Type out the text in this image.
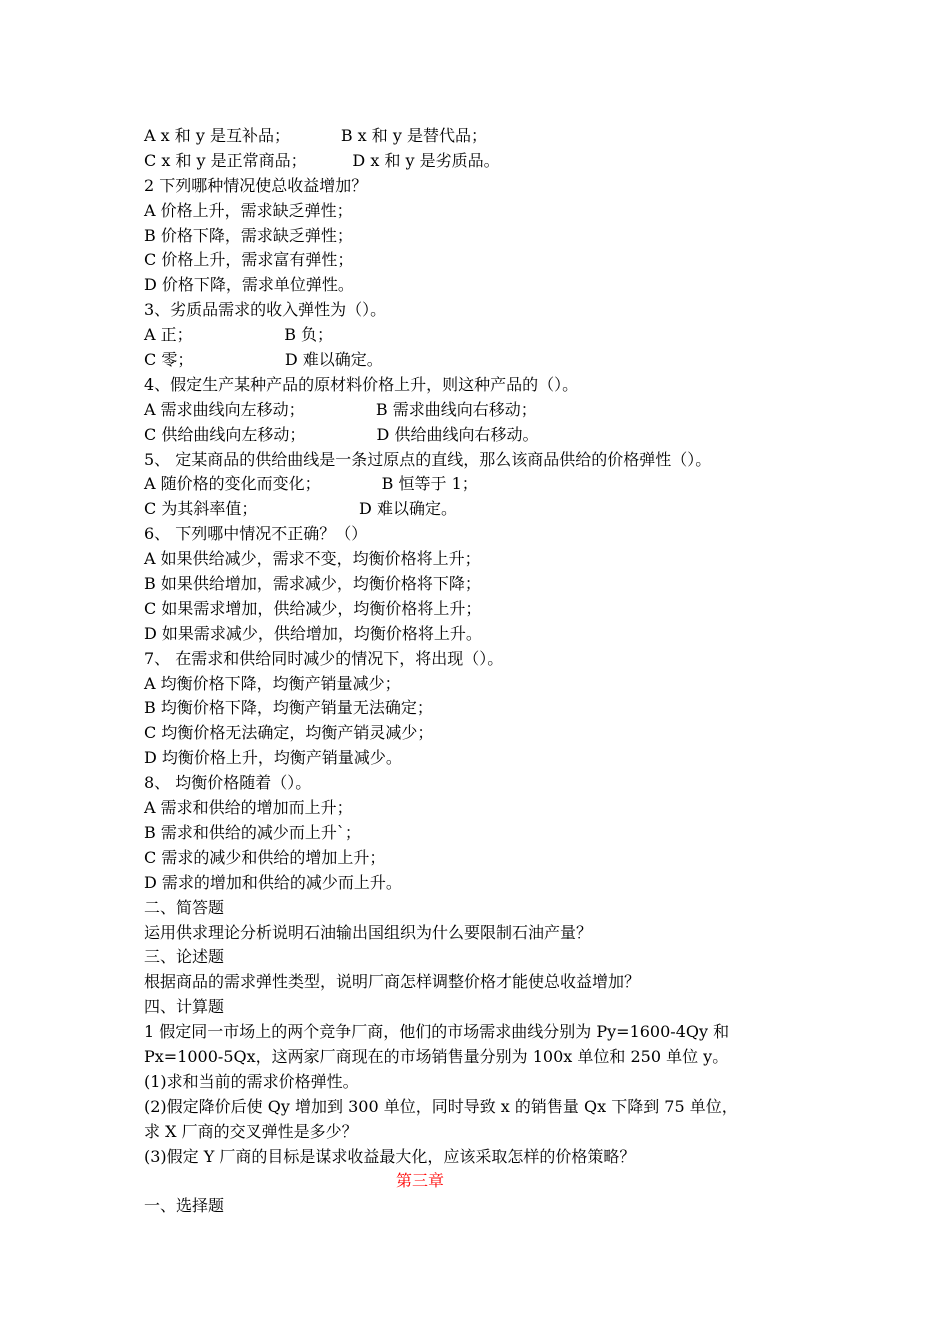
A x 和 y 是互补品；          B x 和 y 是替代品；
C x 和 y 是正常商品；         D x 和 y 是劣质品。
2 下列哪种情况使总收益增加？
A 价格上升，需求缺乏弹性；
B 价格下降，需求缺乏弹性；
C 价格上升，需求富有弹性；
D 价格下降，需求单位弹性。
3、劣质品需求的收入弹性为（）。
A 正；                  B 负；
C 零；                  D 难以确定。
4、假定生产某种产品的原材料价格上升，则这种产品的（）。
A 需求曲线向左移动；              B 需求曲线向右移动；
C 供给曲线向左移动；              D 供给曲线向右移动。
5、 定某商品的供给曲线是一条过原点的直线，那么该商品供给的价格弹性（）。
A 随价格的变化而变化；            B 恒等于 1；
C 为其斜率值；                    D 难以确定。
6、 下列哪中情况不正确？（）
A 如果供给减少，需求不变，均衡价格将上升；
B 如果供给增加，需求减少，均衡价格将下降；
C 如果需求增加，供给减少，均衡价格将上升；
D 如果需求减少，供给增加，均衡价格将上升。
7、 在需求和供给同时减少的情况下，将出现（）。
A 均衡价格下降，均衡产销量减少；
B 均衡价格下降，均衡产销量无法确定；
C 均衡价格无法确定，均衡产销灵减少；
D 均衡价格上升，均衡产销量减少。
8、 均衡价格随着（）。
A 需求和供给的增加而上升；
B 需求和供给的减少而上升`；
C 需求的减少和供给的增加上升；
D 需求的增加和供给的减少而上升。
二、简答题
运用供求理论分析说明石油输出国组织为什么要限制石油产量？
三、论述题
根据商品的需求弹性类型，说明厂商怎样调整价格才能使总收益增加？
四、计算题
1 假定同一市场上的两个竞争厂商，他们的市场需求曲线分别为 Py=1600-4Qy 和
Px=1000-5Qx，这两家厂商现在的市场销售量分别为 100x 单位和 250 单位 y。
(1)求和当前的需求价格弹性。
(2)假定降价后使 Qy 增加到 300 单位，同时导致 x 的销售量 Qx 下降到 75 单位，
求 X 厂商的交叉弹性是多少？
(3)假定 Y 厂商的目标是谋求收益最大化，应该采取怎样的价格策略？
第三章
一、选择题
